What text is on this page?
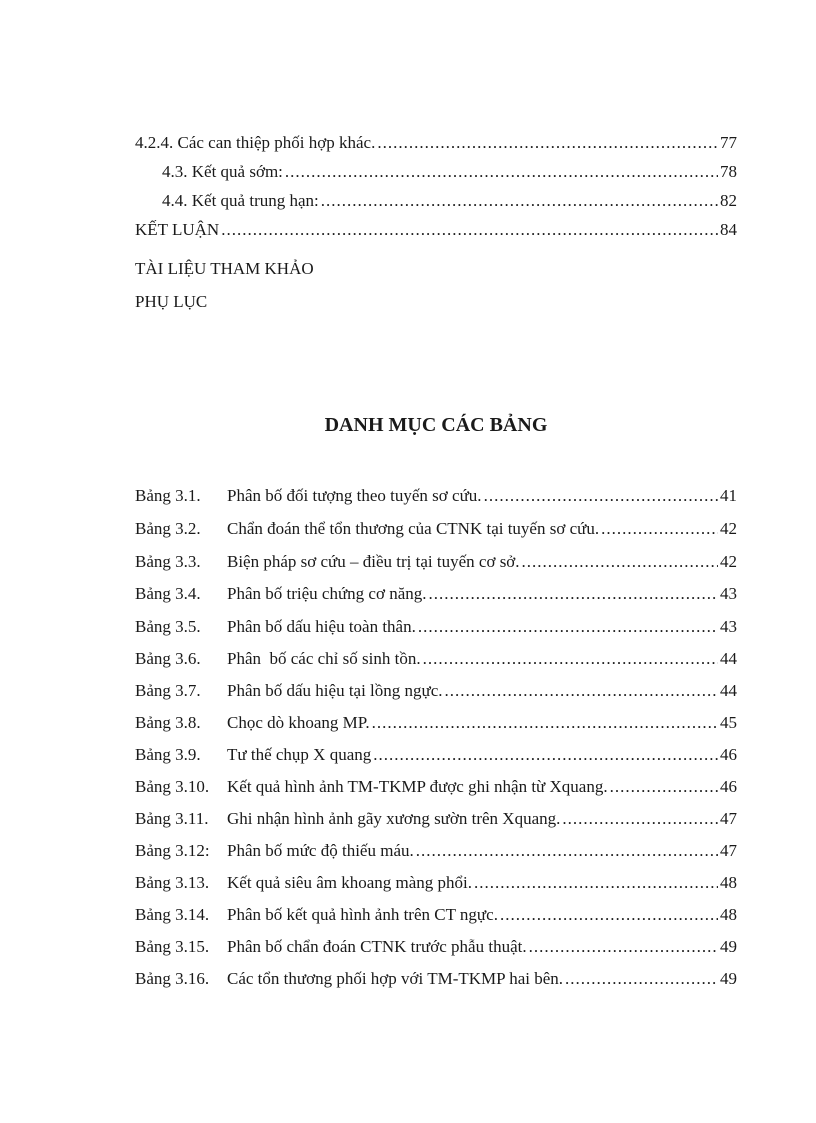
4.2.4. Các can thiệp phối hợp khác. .....	77
4.3. Kết quả sớm: .....	78
4.4. Kết quả trung hạn: .....	82
KẾT LUẬN .....	84
TÀI LIỆU THAM KHẢO
PHỤ LỤC
DANH MỤC CÁC BẢNG
Bảng 3.1.	Phân bố đối tượng theo tuyến sơ cứu. .....	41
Bảng 3.2.	Chẩn đoán thể tổn thương của CTNK tại tuyến sơ cứu. .....	42
Bảng 3.3.	Biện pháp sơ cứu – điều trị tại tuyến cơ sở. .....	42
Bảng 3.4.	Phân bố triệu chứng cơ năng. .....	43
Bảng 3.5.	Phân bố dấu hiệu toàn thân. .....	43
Bảng 3.6.	Phân  bố các chỉ số sinh tồn. .....	44
Bảng 3.7.	Phân bố dấu hiệu tại lồng ngực. .....	44
Bảng 3.8.	Chọc dò khoang MP. .....	45
Bảng 3.9.	Tư thế chụp X quang .....	46
Bảng 3.10.	Kết quả hình ảnh TM-TKMP được ghi nhận từ Xquang. .....	46
Bảng 3.11.	Ghi nhận hình ảnh gãy xương sườn trên Xquang. .....	47
Bảng 3.12:	Phân bố mức độ thiếu máu. .....	47
Bảng 3.13.	Kết quả siêu âm khoang màng phổi. .....	48
Bảng 3.14.	Phân bố kết quả hình ảnh trên CT ngực. .....	48
Bảng 3.15.	Phân bố chẩn đoán CTNK trước phẫu thuật. .....	49
Bảng 3.16.	Các tổn thương phối hợp với TM-TKMP hai bên. .....	49
